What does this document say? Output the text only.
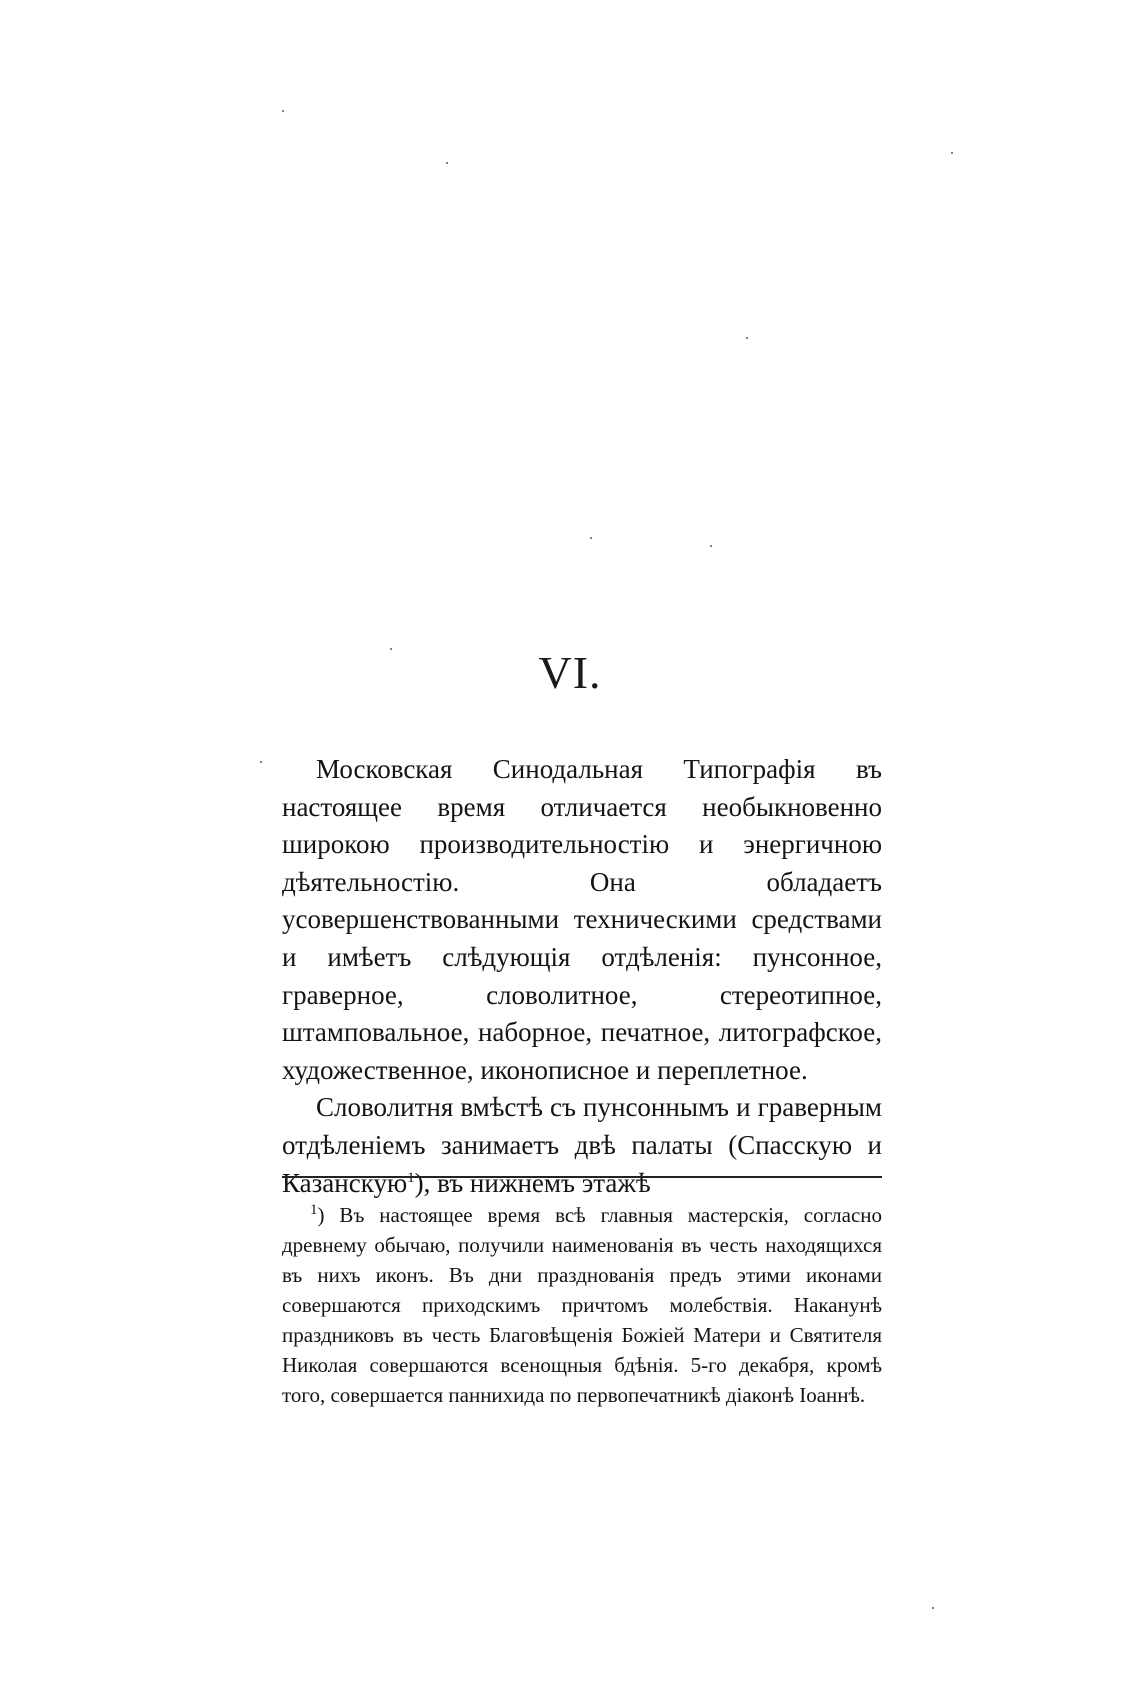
VI.

Московская Синодальная Типографія въ настоящее время отличается необыкновенно широкою производительностію и энергичною дѣятельностію. Она обладаетъ усовершенствованными техническими средствами и имѣетъ слѣдующія отдѣленія: пунсонное, граверное, словолитное, стереотипное, штамповальное, наборное, печатное, литографское, художественное, иконописное и переплетное.

Словолитня вмѣстѣ съ пунсоннымъ и граверным отдѣленіемъ занимаетъ двѣ палаты (Спасскую и Казанскую$^1$), въ нижнемъ этажѣ

$^1$) Въ настоящее время всѣ главныя мастерскія, согласно древнему обычаю, получили наименованія въ честь находящихся въ нихъ иконъ. Въ дни празднованія предъ этими иконами совершаются приходскимъ причтомъ молебствія. Наканунѣ праздниковъ въ честь Благовѣщенія Божіей Матери и Святителя Николая совершаются всенощныя бдѣнія. 5-го декабря, кромѣ того, совершается паннихида по первопечатникѣ діаконѣ Іоаннѣ.
